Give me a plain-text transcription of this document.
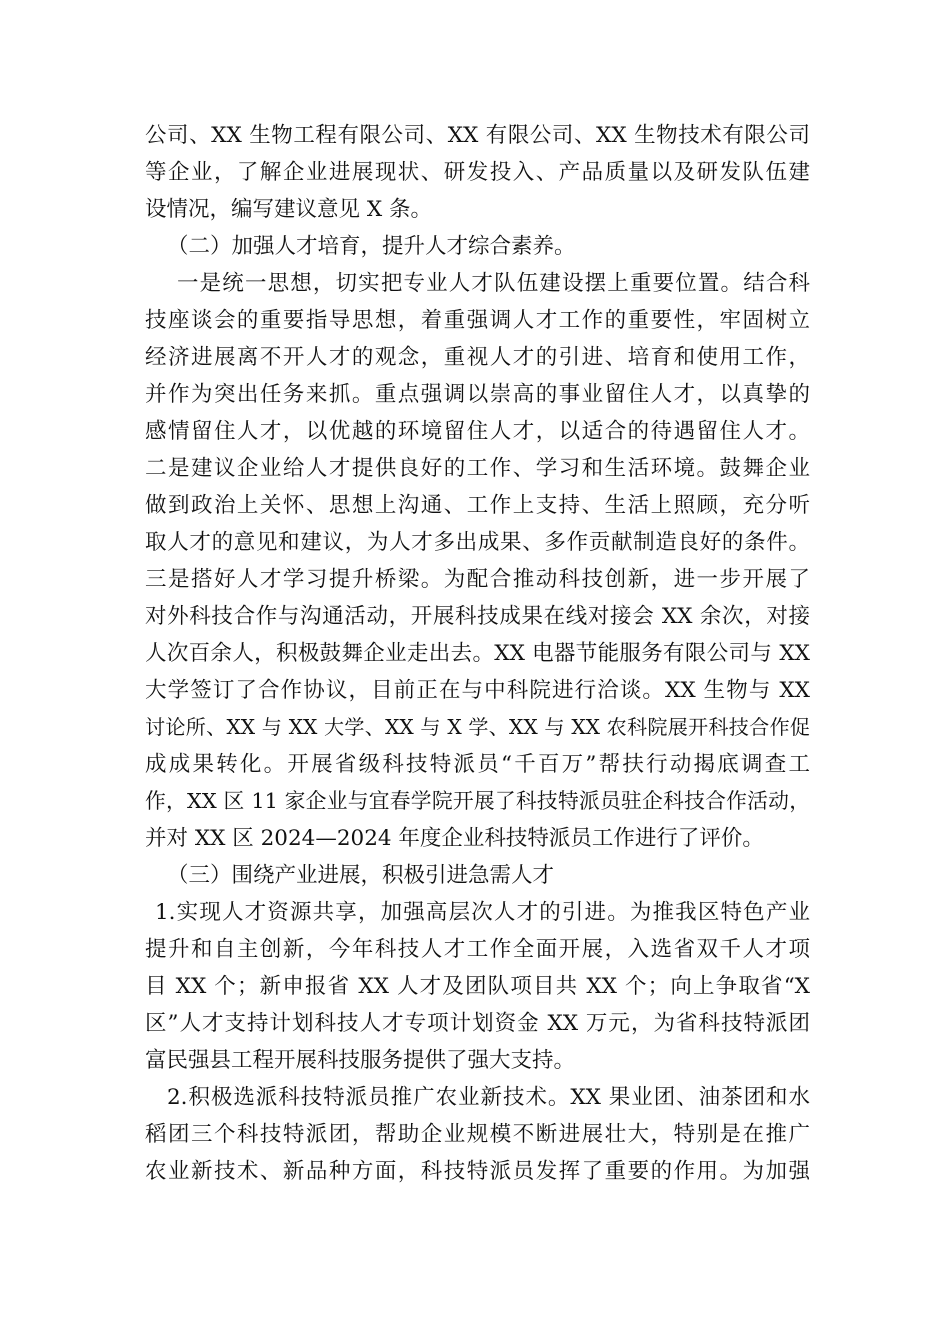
公司、XX 生物工程有限公司、XX 有限公司、XX 生物技术有限公司
等企业，了解企业进展现状、研发投入、产品质量以及研发队伍建
设情况，编写建议意见 X 条。
（二）加强人才培育，提升人才综合素养。
一是统一思想，切实把专业人才队伍建设摆上重要位置。结合科
技座谈会的重要指导思想，着重强调人才工作的重要性，牢固树立
经济进展离不开人才的观念，重视人才的引进、培育和使用工作，
并作为突出任务来抓。重点强调以崇高的事业留住人才，以真挚的
感情留住人才，以优越的环境留住人才，以适合的待遇留住人才。
二是建议企业给人才提供良好的工作、学习和生活环境。鼓舞企业
做到政治上关怀、思想上沟通、工作上支持、生活上照顾，充分听
取人才的意见和建议，为人才多出成果、多作贡献制造良好的条件。
三是搭好人才学习提升桥梁。为配合推动科技创新，进一步开展了
对外科技合作与沟通活动，开展科技成果在线对接会 XX 余次，对接
人次百余人，积极鼓舞企业走出去。XX 电器节能服务有限公司与 XX
大学签订了合作协议，目前正在与中科院进行洽谈。XX 生物与 XX
讨论所、XX 与 XX 大学、XX 与 X 学、XX 与 XX 农科院展开科技合作促
成成果转化。开展省级科技特派员“千百万”帮扶行动揭底调查工
作，XX 区 11 家企业与宜春学院开展了科技特派员驻企科技合作活动，
并对 XX 区 2024—2024 年度企业科技特派员工作进行了评价。
（三）围绕产业进展，积极引进急需人才
1.实现人才资源共享，加强高层次人才的引进。为推我区特色产业
提升和自主创新，今年科技人才工作全面开展，入选省双千人才项
目 XX 个；新申报省 XX 人才及团队项目共 XX 个；向上争取省“X
区”人才支持计划科技人才专项计划资金 XX 万元，为省科技特派团
富民强县工程开展科技服务提供了强大支持。
2.积极选派科技特派员推广农业新技术。XX 果业团、油茶团和水
稻团三个科技特派团，帮助企业规模不断进展壮大，特别是在推广
农业新技术、新品种方面，科技特派员发挥了重要的作用。为加强
